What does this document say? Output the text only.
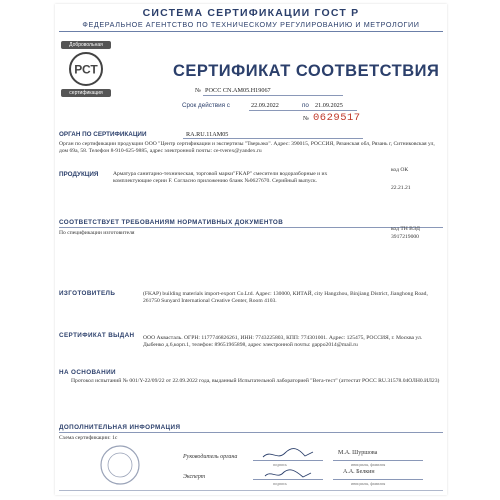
СИСТЕМА СЕРТИФИКАЦИИ ГОСТ Р
ФЕДЕРАЛЬНОЕ АГЕНТСТВО ПО ТЕХНИЧЕСКОМУ РЕГУЛИРОВАНИЮ И МЕТРОЛОГИИ
Добровольная
РСТ
сертификация
СЕРТИФИКАТ СООТВЕТСТВИЯ
№ РОСС CN.AM05.H19067
Срок действия с	22.09.2022	по 21.09.2025
№ 0629517
ОРГАН ПО СЕРТИФИКАЦИИ	RA.RU.11AM05
Орган по сертификации продукции ООО "Центр сертификации и экспертизы "Тверьэко". Адрес: 390015, РОССИЯ, Рязанская обл, Рязань г, Ситниковская ул, дом 69а, 58. Телефон 8-910-625-9885, адрес электронной почты: ce-tverex@yandex.ru
ПРОДУКЦИЯ	Арматура санитарно-техническая, торговой марки"FKAP" смесители водоразборные и их комплектующие серии F. Согласно приложению бланк №0627670. Серийный выпуск.
код ОК
22.21.21
СООТВЕТСТВУЕТ ТРЕБОВАНИЯМ НОРМАТИВНЫХ ДОКУМЕНТОВ
По спецификации изготовителя
код ТН ВЭД
3917219000
ИЗГОТОВИТЕЛЬ	(FKAP) building materials import-export Co.Ltd. Адрес: 130000, КИТАЙ, city Hangzhou, Binjiang District, Jianghong Road, 261750 Sunyard International Creative Center, Room 4103.
СЕРТИФИКАТ ВЫДАН ООО Аквасталь. ОГРН: 1177746826261, ИНН: 7743225803, КПП: 774301001. Адрес: 125475, РОССИЯ, г. Москва ул. Дыбенко д.6,корп.1, телефон: 89651965898, адрес электронной почты: gappo2014@mail.ru
НА ОСНОВАНИИ
Протокол испытаний № 001/Y-22/09/22 от 22.09.2022 года, выданный Испытательной лабораторией "Вега-тест" (аттестат РОСС RU.31578.04ОЛН0.ИЛ23)
ДОПОЛНИТЕЛЬНАЯ ИНФОРМАЦИЯ
Схема сертификации: 1с
Руководитель органа
М.А. Шуршова
подпись	инициалы, фамилия
Эксперт
А.А. Белкин
подпись	инициалы, фамилия
